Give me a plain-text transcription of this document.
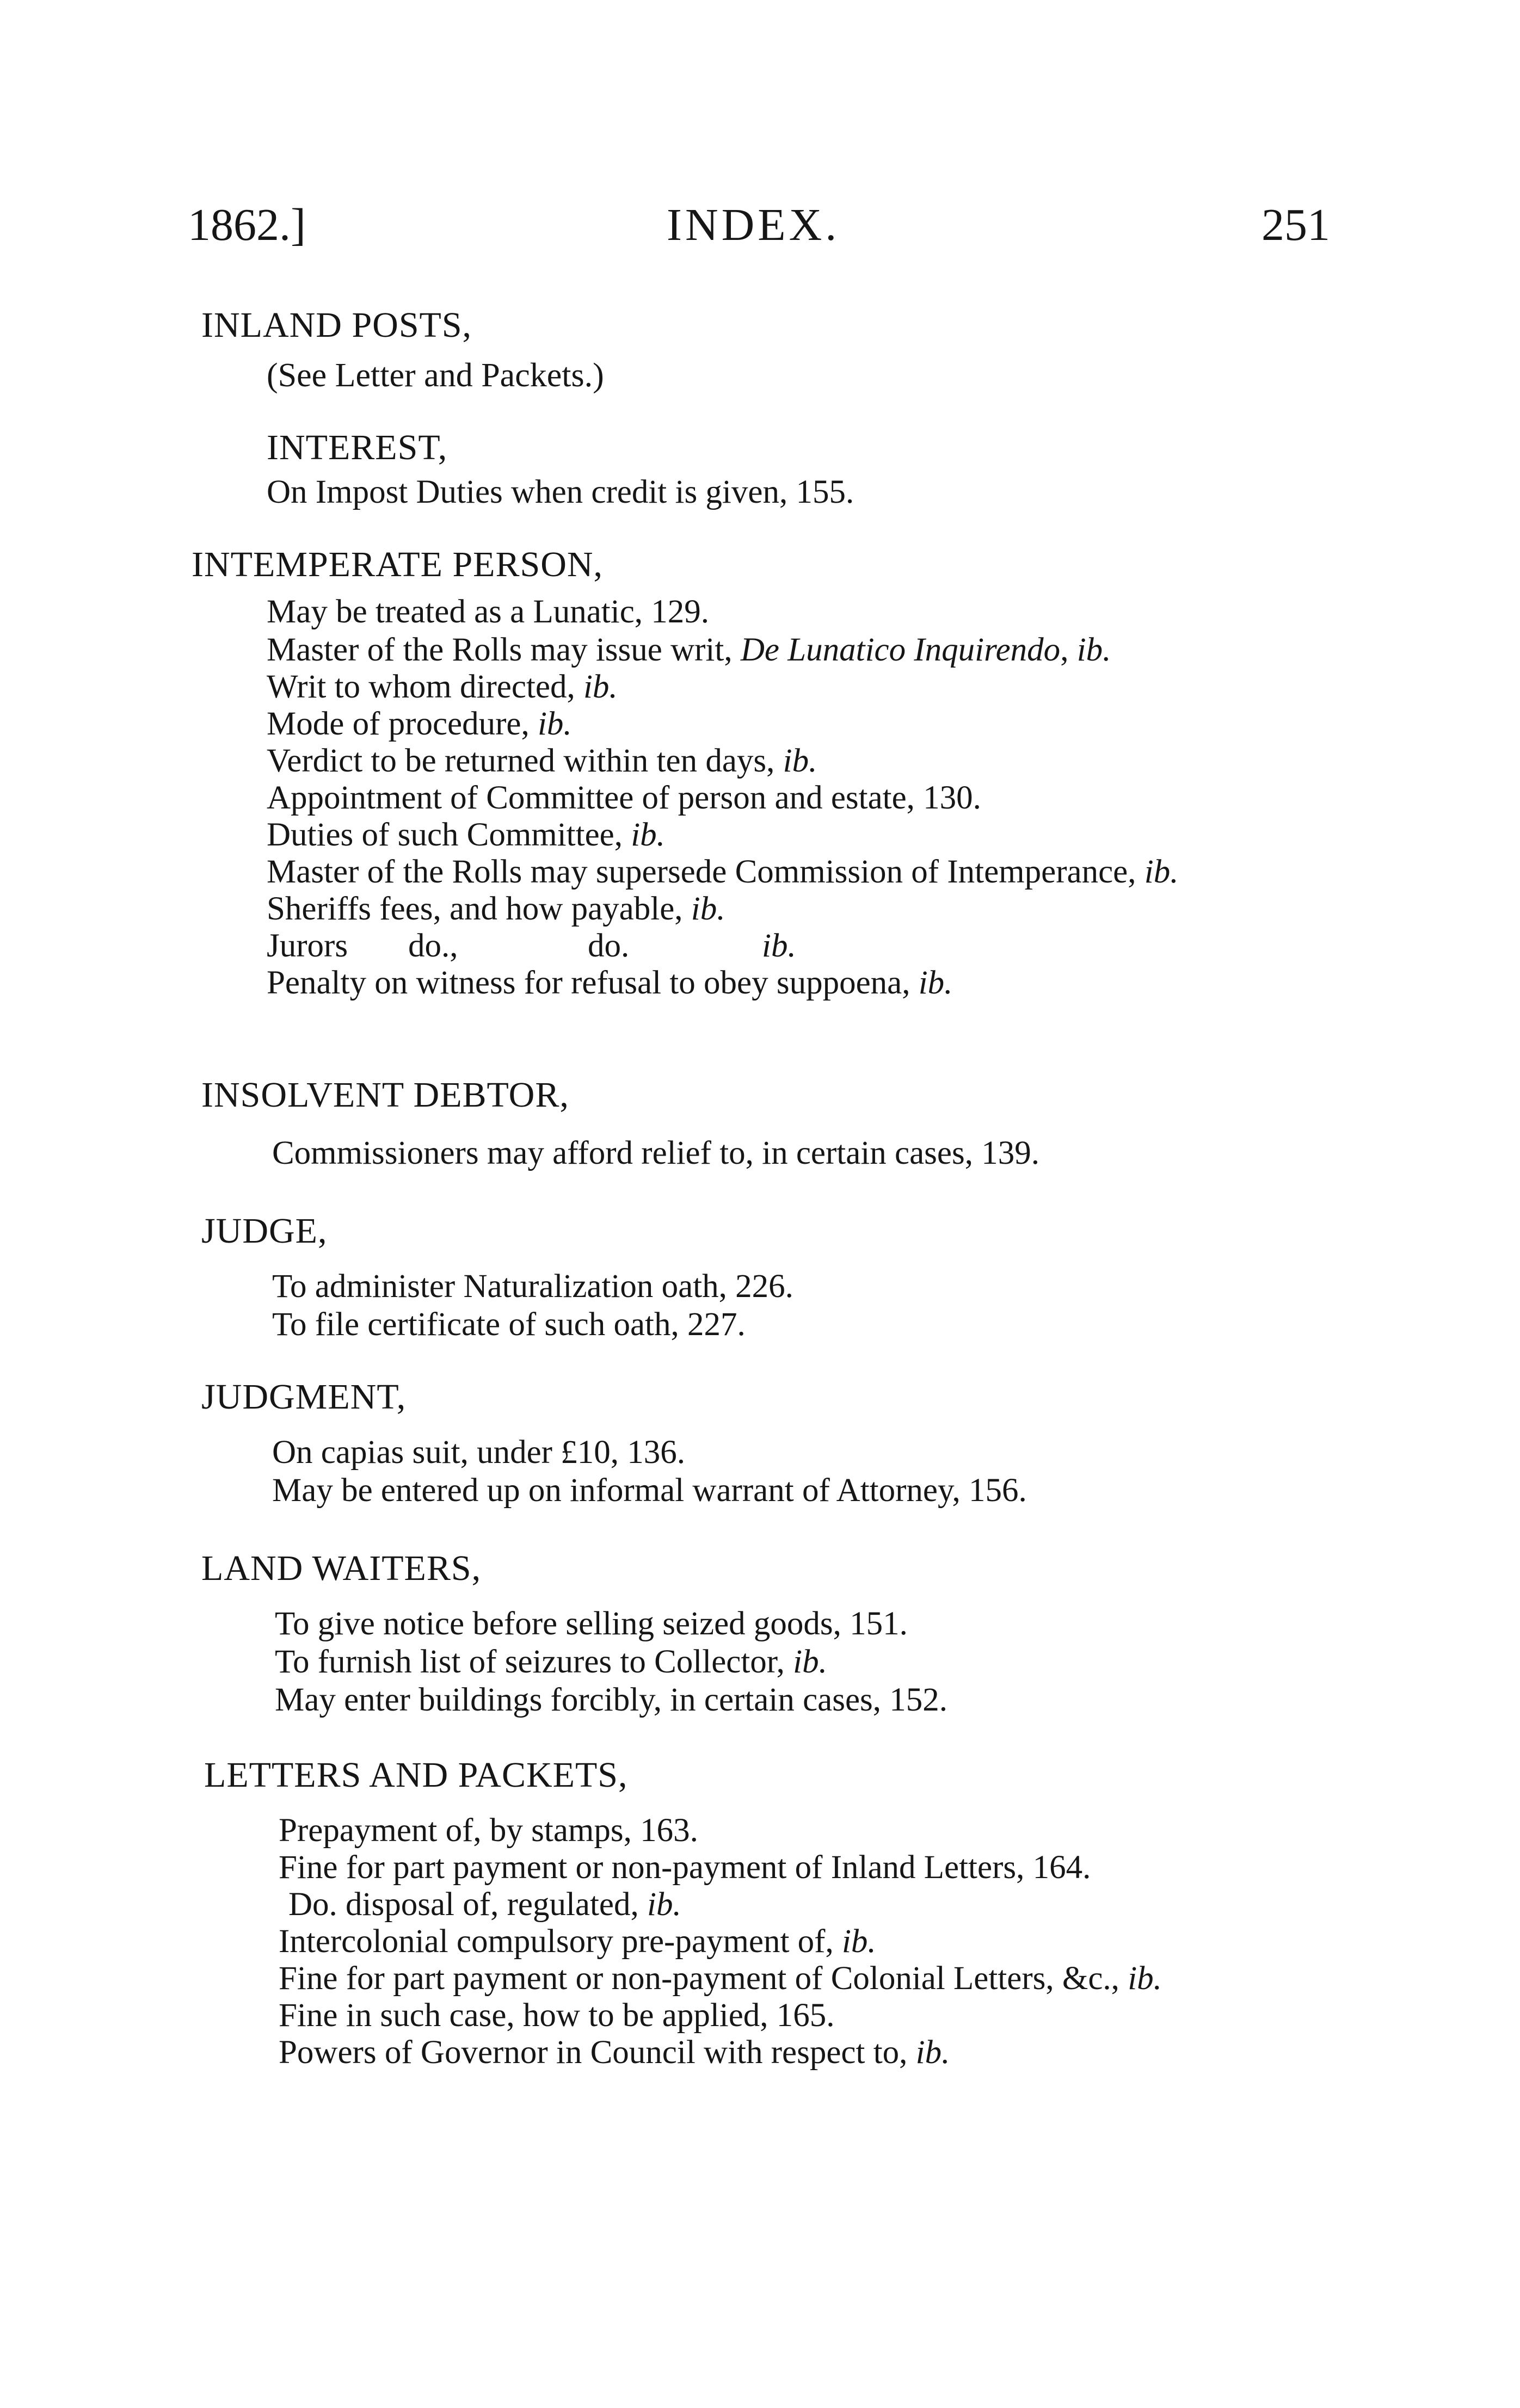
1862.]	INDEX.	251
INLAND POSTS,
(See Letter and Packets.)
INTEREST,
On Impost Duties when credit is given, 155.
INTEMPERATE PERSON,
May be treated as a Lunatic, 129.
Master of the Rolls may issue writ, De Lunatico Inquirendo, ib.
Writ to whom directed, ib.
Mode of procedure, ib.
Verdict to be returned within ten days, ib.
Appointment of Committee of person and estate, 130.
Duties of such Committee, ib.
Master of the Rolls may supersede Commission of Intemperance, ib.
Sheriffs fees, and how payable, ib.
Jurors do.,	do.	ib.
Penalty on witness for refusal to obey suppoena, ib.
INSOLVENT DEBTOR,
Commissioners may afford relief to, in certain cases, 139.
JUDGE,
To administer Naturalization oath, 226.
To file certificate of such oath, 227.
JUDGMENT,
On capias suit, under £10, 136.
May be entered up on informal warrant of Attorney, 156.
LAND WAITERS,
To give notice before selling seized goods, 151.
To furnish list of seizures to Collector, ib.
May enter buildings forcibly, in certain cases, 152.
LETTERS AND PACKETS,
Prepayment of, by stamps, 163.
Fine for part payment or non-payment of Inland Letters, 164.
Do. disposal of, regulated, ib.
Intercolonial compulsory pre-payment of, ib.
Fine for part payment or non-payment of Colonial Letters, &c., ib.
Fine in such case, how to be applied, 165.
Powers of Governor in Council with respect to, ib.
